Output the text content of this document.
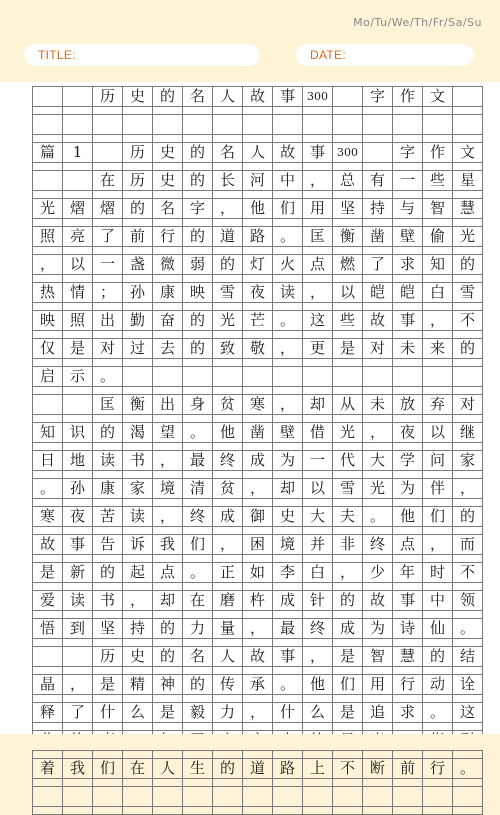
Mo/Tu/We/Th/Fr/Sa/Su
TITLE:	DATE:
		历	史	的	名	人	故	事	300		字	作	文	

篇	1		历	史	的	名	人	故	事	300		字	作	文

		在	历	史	的	长	河	中	，	总	有	一	些	星

光	熠	熠	的	名	字	，	他	们	用	坚	持	与	智	慧

照	亮	了	前	行	的	道	路	。	匡	衡	凿	壁	偷	光

，	以	一	盏	微	弱	的	灯	火	点	燃	了	求	知	的

热	情	；	孙	康	映	雪	夜	读	，	以	皑	皑	白	雪

映	照	出	勤	奋	的	光	芒	。	这	些	故	事	，	不

仅	是	对	过	去	的	致	敬	，	更	是	对	未	来	的

启	示	。												

		匡	衡	出	身	贫	寒	，	却	从	未	放	弃	对

知	识	的	渴	望	。	他	凿	壁	借	光	，	夜	以	继

日	地	读	书	，	最	终	成	为	一	代	大	学	问	家

。	孙	康	家	境	清	贫	，	却	以	雪	光	为	伴	，

寒	夜	苦	读	，	终	成	御	史	大	夫	。	他	们	的

故	事	告	诉	我	们	，	困	境	并	非	终	点	，	而

是	新	的	起	点	。	正	如	李	白	，	少	年	时	不

爱	读	书	，	却	在	磨	杵	成	针	的	故	事	中	领

悟	到	坚	持	的	力	量	，	最	终	成	为	诗	仙	。

		历	史	的	名	人	故	事	，	是	智	慧	的	结

晶	，	是	精	神	的	传	承	。	他	们	用	行	动	诠

释	了	什	么	是	毅	力	，	什	么	是	追	求	。	这

着	我	们	在	人	生	的	道	路	上	不	断	前	行	。
